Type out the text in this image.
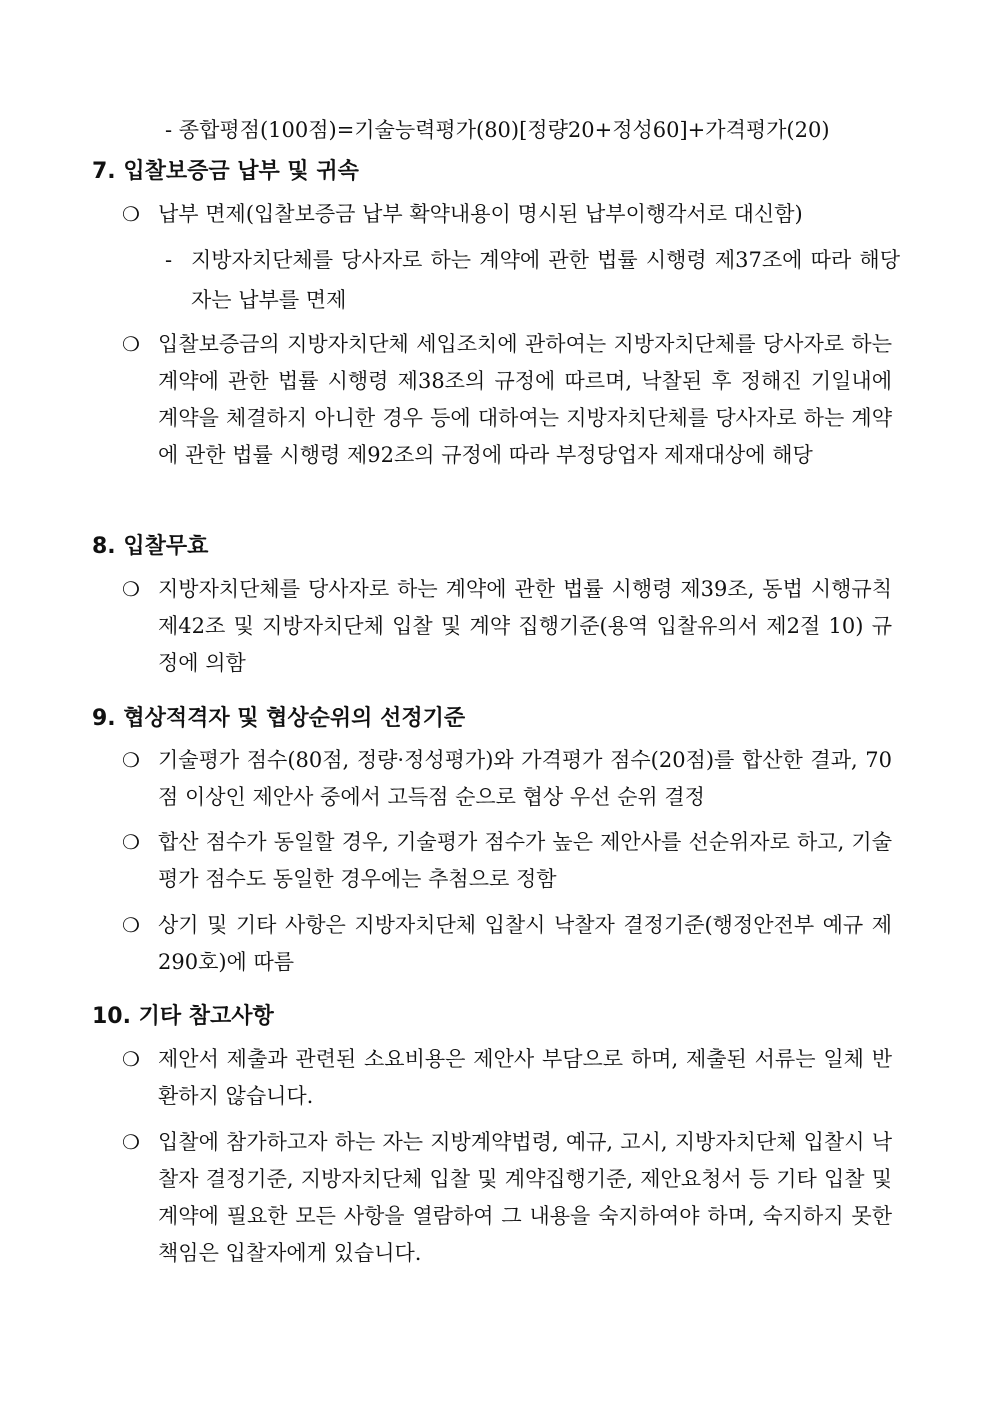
- 종합평점(100점)=기술능력평가(80)[정량20+정성60]+가격평가(20)
7. 입찰보증금 납부 및 귀속
❍ 납부 면제(입찰보증금 납부 확약내용이 명시된 납부이행각서로 대신함)
- 지방자치단체를 당사자로 하는 계약에 관한 법률 시행령 제37조에 따라 해당자는 납부를 면제
❍ 입찰보증금의 지방자치단체 세입조치에 관하여는 지방자치단체를 당사자로 하는 계약에 관한 법률 시행령 제38조의 규정에 따르며, 낙찰된 후 정해진 기일내에 계약을 체결하지 아니한 경우 등에 대하여는 지방자치단체를 당사자로 하는 계약에 관한 법률 시행령 제92조의 규정에 따라 부정당업자 제재대상에 해당
8. 입찰무효
❍ 지방자치단체를 당사자로 하는 계약에 관한 법률 시행령 제39조, 동법 시행규칙 제42조 및 지방자치단체 입찰 및 계약 집행기준(용역 입찰유의서 제2절 10) 규정에 의함
9. 협상적격자 및 협상순위의 선정기준
❍ 기술평가 점수(80점, 정량·정성평가)와 가격평가 점수(20점)를 합산한 결과, 70점 이상인 제안사 중에서 고득점 순으로 협상 우선 순위 결정
❍ 합산 점수가 동일할 경우, 기술평가 점수가 높은 제안사를 선순위자로 하고, 기술평가 점수도 동일한 경우에는 추첨으로 정함
❍ 상기 및 기타 사항은 지방자치단체 입찰시 낙찰자 결정기준(행정안전부 예규 제290호)에 따름
10. 기타 참고사항
❍ 제안서 제출과 관련된 소요비용은 제안사 부담으로 하며, 제출된 서류는 일체 반환하지 않습니다.
❍ 입찰에 참가하고자 하는 자는 지방계약법령, 예규, 고시, 지방자치단체 입찰시 낙찰자 결정기준, 지방자치단체 입찰 및 계약집행기준, 제안요청서 등 기타 입찰 및 계약에 필요한 모든 사항을 열람하여 그 내용을 숙지하여야 하며, 숙지하지 못한 책임은 입찰자에게 있습니다.
